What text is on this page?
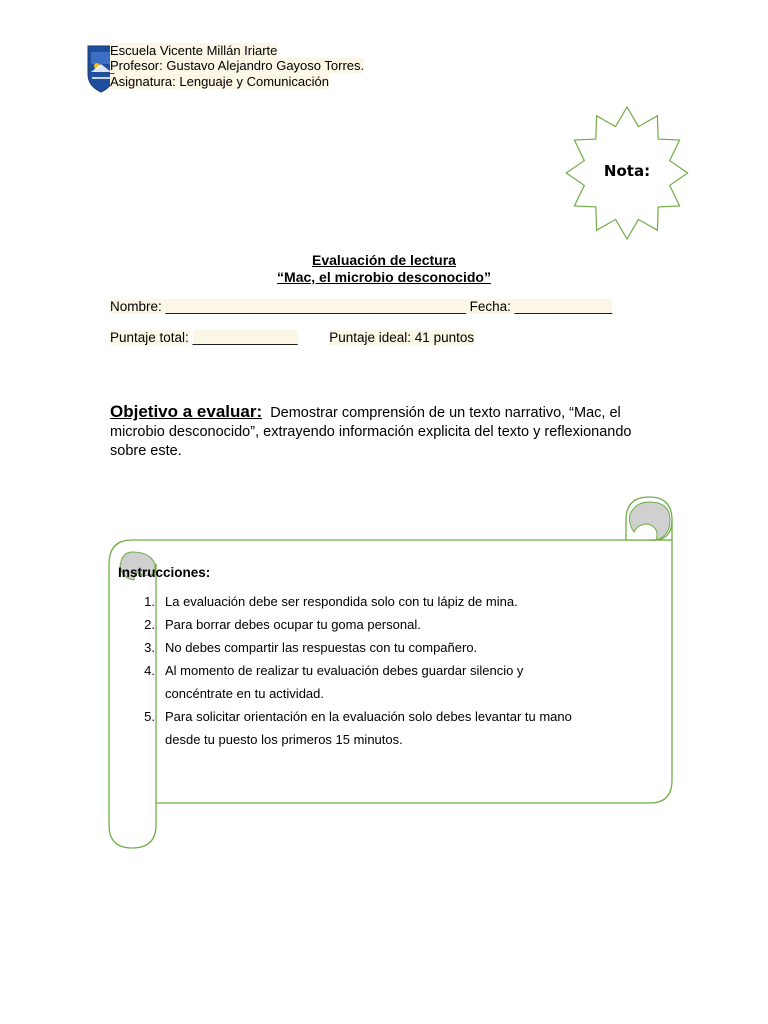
Escuela Vicente Millán Iriarte
Profesor: Gustavo Alejandro Gayoso Torres.
Asignatura: Lenguaje y Comunicación
Nota:
Evaluación de lectura
“Mac, el microbio desconocido”
Nombre: ________________________________________ Fecha: _____________
Puntaje total: ______________ Puntaje ideal: 41 puntos
Objetivo a evaluar: Demostrar comprensión de un texto narrativo, “Mac, el microbio desconocido”, extrayendo información explicita del texto y reflexionando sobre este.
Instrucciones:
1. La evaluación debe ser respondida solo con tu lápiz de mina.
2. Para borrar debes ocupar tu goma personal.
3. No debes compartir las respuestas con tu compañero.
4. Al momento de realizar tu evaluación debes guardar silencio y
concéntrate en tu actividad.
5. Para solicitar orientación en la evaluación solo debes levantar tu mano
desde tu puesto los primeros 15 minutos.
